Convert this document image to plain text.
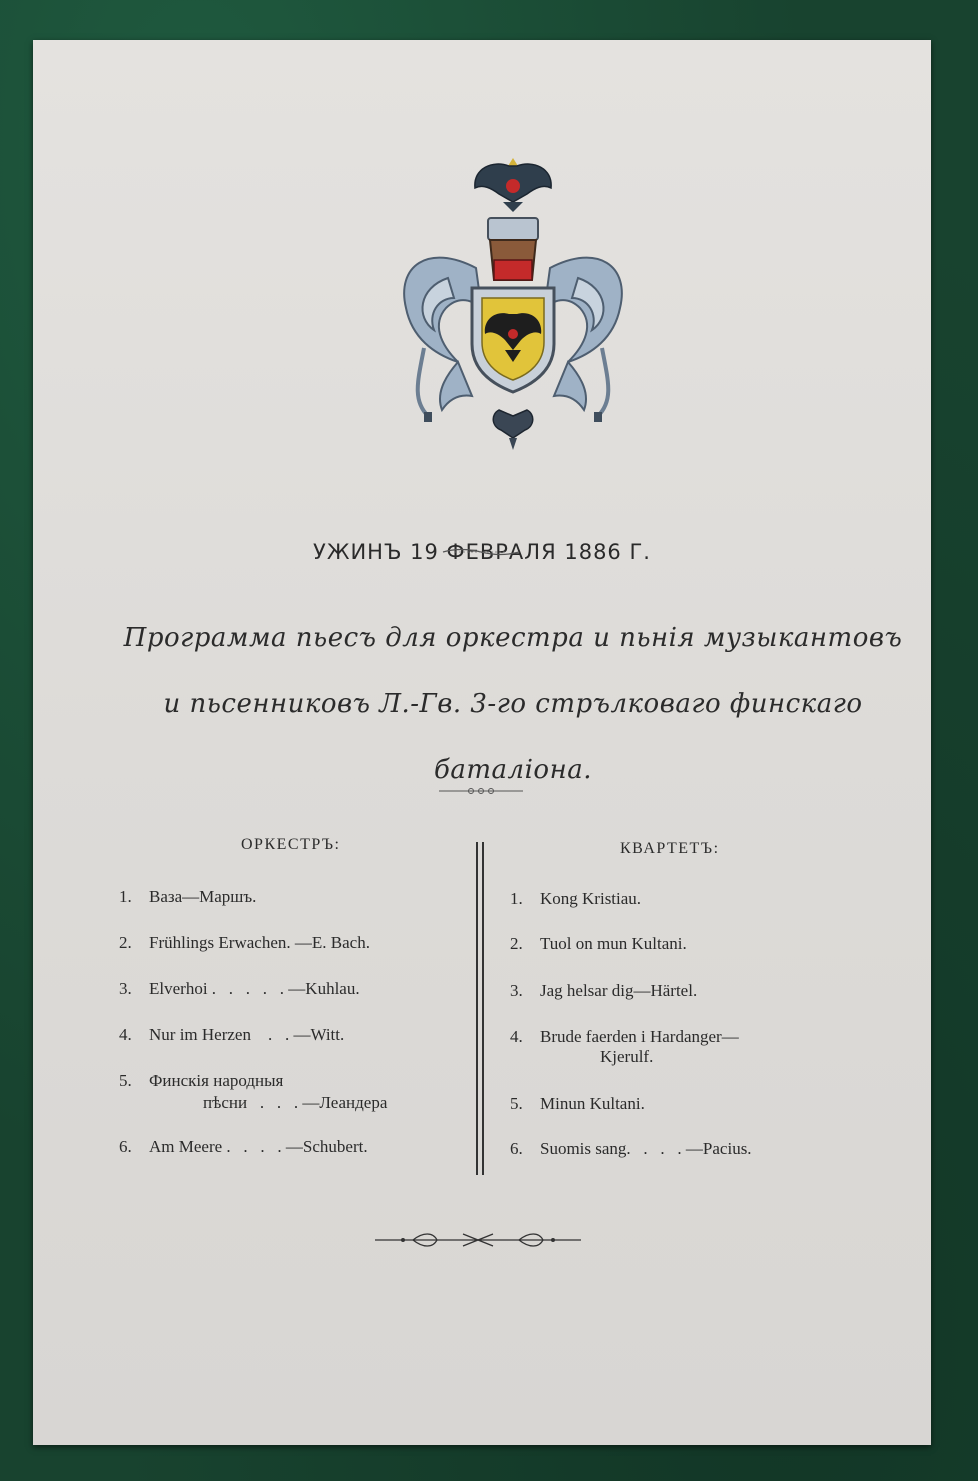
УЖИНЪ 19 ФЕВРАЛЯ 1886 Г.
Программа пьесъ для оркестра и пьнія музыкантовъ
и пьсенниковъ Л.-Гв. 3-го стрълковаго финскаго
баталіона.
ОРКЕСТРЪ:	КВАРТЕТЪ:
1. Ваза—Маршъ.
2. Frühlings Erwachen. —E. Bach.
3. Elverhoi .   .   .   .   . —Kuhlau.
4. Nur im Herzen    .   . —Witt.
5. Финскія народныя
пѣсни   .   .   . —Леандера
6. Am Meere .   .   .   . —Schubert.
1. Kong Kristiau.
2. Tuol on mun Kultani.
3. Jag helsar dig—Härtel.
4. Brude faerden i Hardanger—
Kjerulf.
5. Minun Kultani.
6. Suomis sang.   .   .   . —Pacius.
